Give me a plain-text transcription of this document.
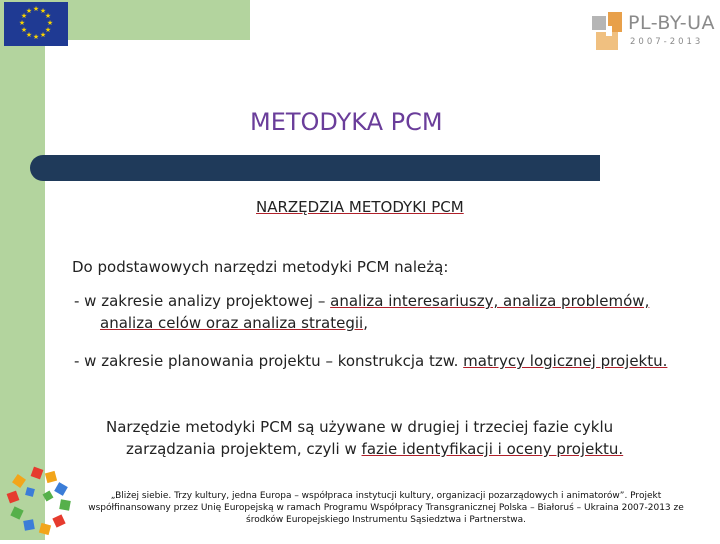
★ ★
★
★
★
★
★
★
★
★
★
★
PL-BY-UA
2007-2013
METODYKA PCM
NARZĘDZIA METODYKI PCM
Do podstawowych narzędzi metodyki PCM należą:
- w zakresie analizy projektowej – analiza interesariuszy, analiza problemów, analiza celów oraz analiza strategii,
- w zakresie planowania projektu – konstrukcja tzw. matrycy logicznej projektu.
Narzędzie metodyki PCM są używane w drugiej i trzeciej fazie cyklu zarządzania projektem, czyli w fazie identyfikacji i oceny projektu.
„Bliżej siebie. Trzy kultury, jedna Europa – współpraca instytucji kultury, organizacji pozarządowych i animatorów”. Projekt współfinansowany przez Unię Europejską w ramach Programu Współpracy Transgranicznej Polska – Białoruś – Ukraina 2007-2013 ze środków Europejskiego Instrumentu Sąsiedztwa i Partnerstwa.
